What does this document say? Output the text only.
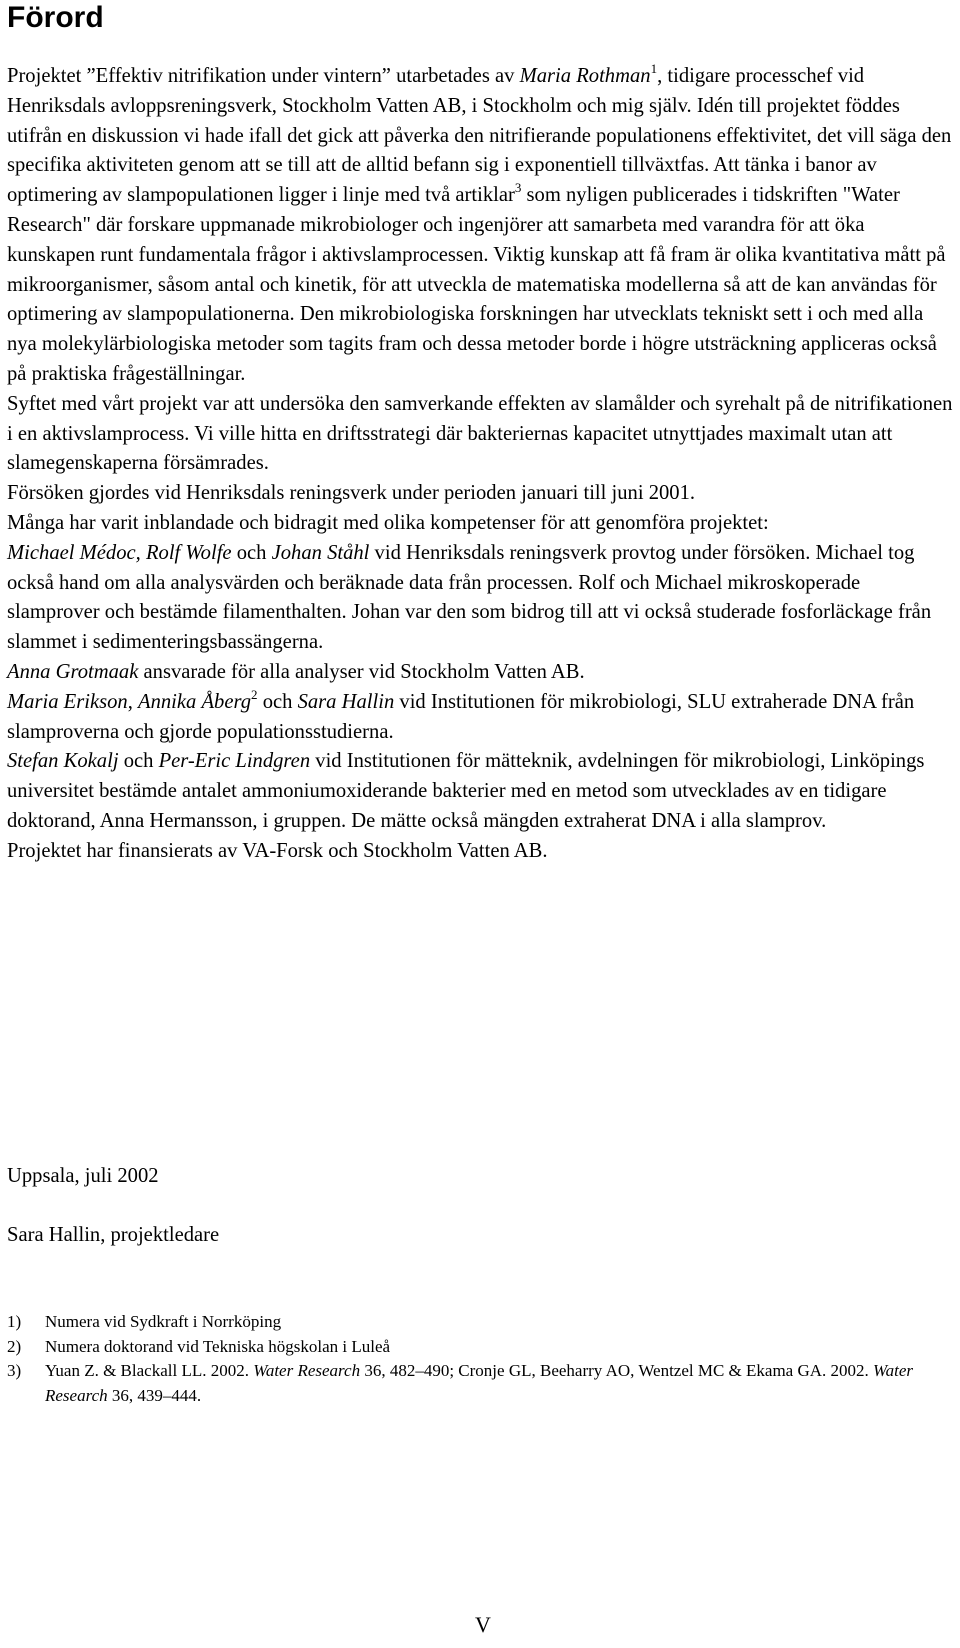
Förord

Projektet ”Effektiv nitrifikation under vintern” utarbetades av Maria Rothman$^1$, tidigare processchef vid Henriksdals avloppsreningsverk, Stockholm Vatten AB, i Stockholm och mig själv. Idén till projektet föddes utifrån en diskussion vi hade ifall det gick att påverka den nitrifierande populationens effektivitet, det vill säga den specifika aktiviteten genom att se till att de alltid befann sig i exponentiell tillväxtfas. Att tänka i banor av optimering av slampopulationen ligger i linje med två artiklar$^3$ som nyligen publicerades i tidskriften "Water Research" där forskare uppmanade mikrobiologer och ingenjörer att samarbeta med varandra för att öka kunskapen runt fundamentala frågor i aktivslamprocessen. Viktig kunskap att få fram är olika kvantitativa mått på mikroorganismer, såsom antal och kinetik, för att utveckla de matematiska modellerna så att de kan användas för optimering av slampopulationerna. Den mikrobiologiska forskningen har utvecklats tekniskt sett i och med alla nya molekylärbiologiska metoder som tagits fram och dessa metoder borde i högre utsträckning appliceras också på praktiska frågeställningar.

Syftet med vårt projekt var att undersöka den samverkande effekten av slamålder och syrehalt på de nitrifikationen i en aktivslamprocess. Vi ville hitta en driftsstrategi där bakteriernas kapacitet utnyttjades maximalt utan att slamegenskaperna försämrades.

Försöken gjordes vid Henriksdals reningsverk under perioden januari till juni 2001.

Många har varit inblandade och bidragit med olika kompetenser för att genomföra projektet:

Michael Médoc, Rolf Wolfe och Johan Ståhl vid Henriksdals reningsverk provtog under försöken. Michael tog också hand om alla analysvärden och beräknade data från processen. Rolf och Michael mikroskoperade slamprover och bestämde filamenthalten. Johan var den som bidrog till att vi också studerade fosforläckage från slammet i sedimenteringsbassängerna.

Anna Grotmaak ansvarade för alla analyser vid Stockholm Vatten AB.

Maria Erikson, Annika Åberg$^2$ och Sara Hallin vid Institutionen för mikrobiologi, SLU extraherade DNA från slamproverna och gjorde populationsstudierna.

Stefan Kokalj och Per-Eric Lindgren vid Institutionen för mätteknik, avdelningen för mikrobiologi, Linköpings universitet bestämde antalet ammoniumoxiderande bakterier med en metod som utvecklades av en tidigare doktorand, Anna Hermansson, i gruppen. De mätte också mängden extraherat DNA i alla slamprov.

Projektet har finansierats av VA-Forsk och Stockholm Vatten AB.

Uppsala, juli 2002
Sara Hallin, projektledare
1)	Numera vid Sydkraft i Norrköping
2)	Numera doktorand vid Tekniska högskolan i Luleå
3)	Yuan Z. & Blackall LL. 2002. Water Research 36, 482–490; Cronje GL, Beeharry AO, Wentzel MC & Ekama GA. 2002. Water Research 36, 439–444.
V
